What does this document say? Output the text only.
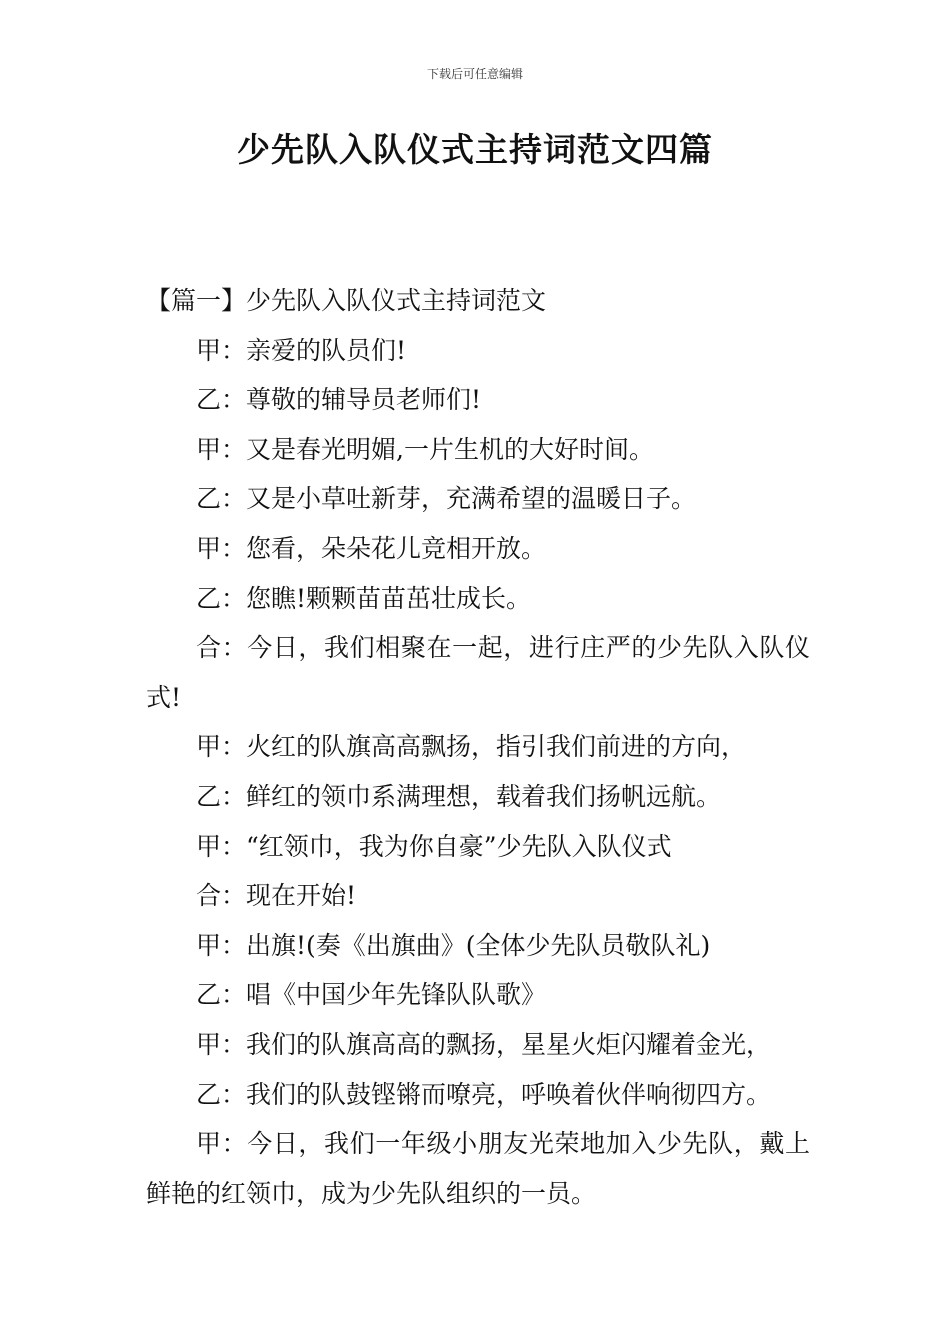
下载后可任意编辑
少先队入队仪式主持词范文四篇

【篇一】少先队入队仪式主持词范文

甲：亲爱的队员们!

乙：尊敬的辅导员老师们!

甲：又是春光明媚,一片生机的大好时间。

乙：又是小草吐新芽，充满希望的温暖日子。

甲：您看，朵朵花儿竞相开放。

乙：您瞧!颗颗苗苗茁壮成长。

合：今日，我们相聚在一起，进行庄严的少先队入队仪式!

甲：火红的队旗高高飘扬，指引我们前进的方向，

乙：鲜红的领巾系满理想，载着我们扬帆远航。

甲：“红领巾，我为你自豪”少先队入队仪式

合：现在开始!

甲：出旗!(奏《出旗曲》(全体少先队员敬队礼)

乙：唱《中国少年先锋队队歌》

甲：我们的队旗高高的飘扬，星星火炬闪耀着金光，

乙：我们的队鼓铿锵而嘹亮，呼唤着伙伴响彻四方。

甲：今日，我们一年级小朋友光荣地加入少先队，戴上鲜艳的红领巾，成为少先队组织的一员。
